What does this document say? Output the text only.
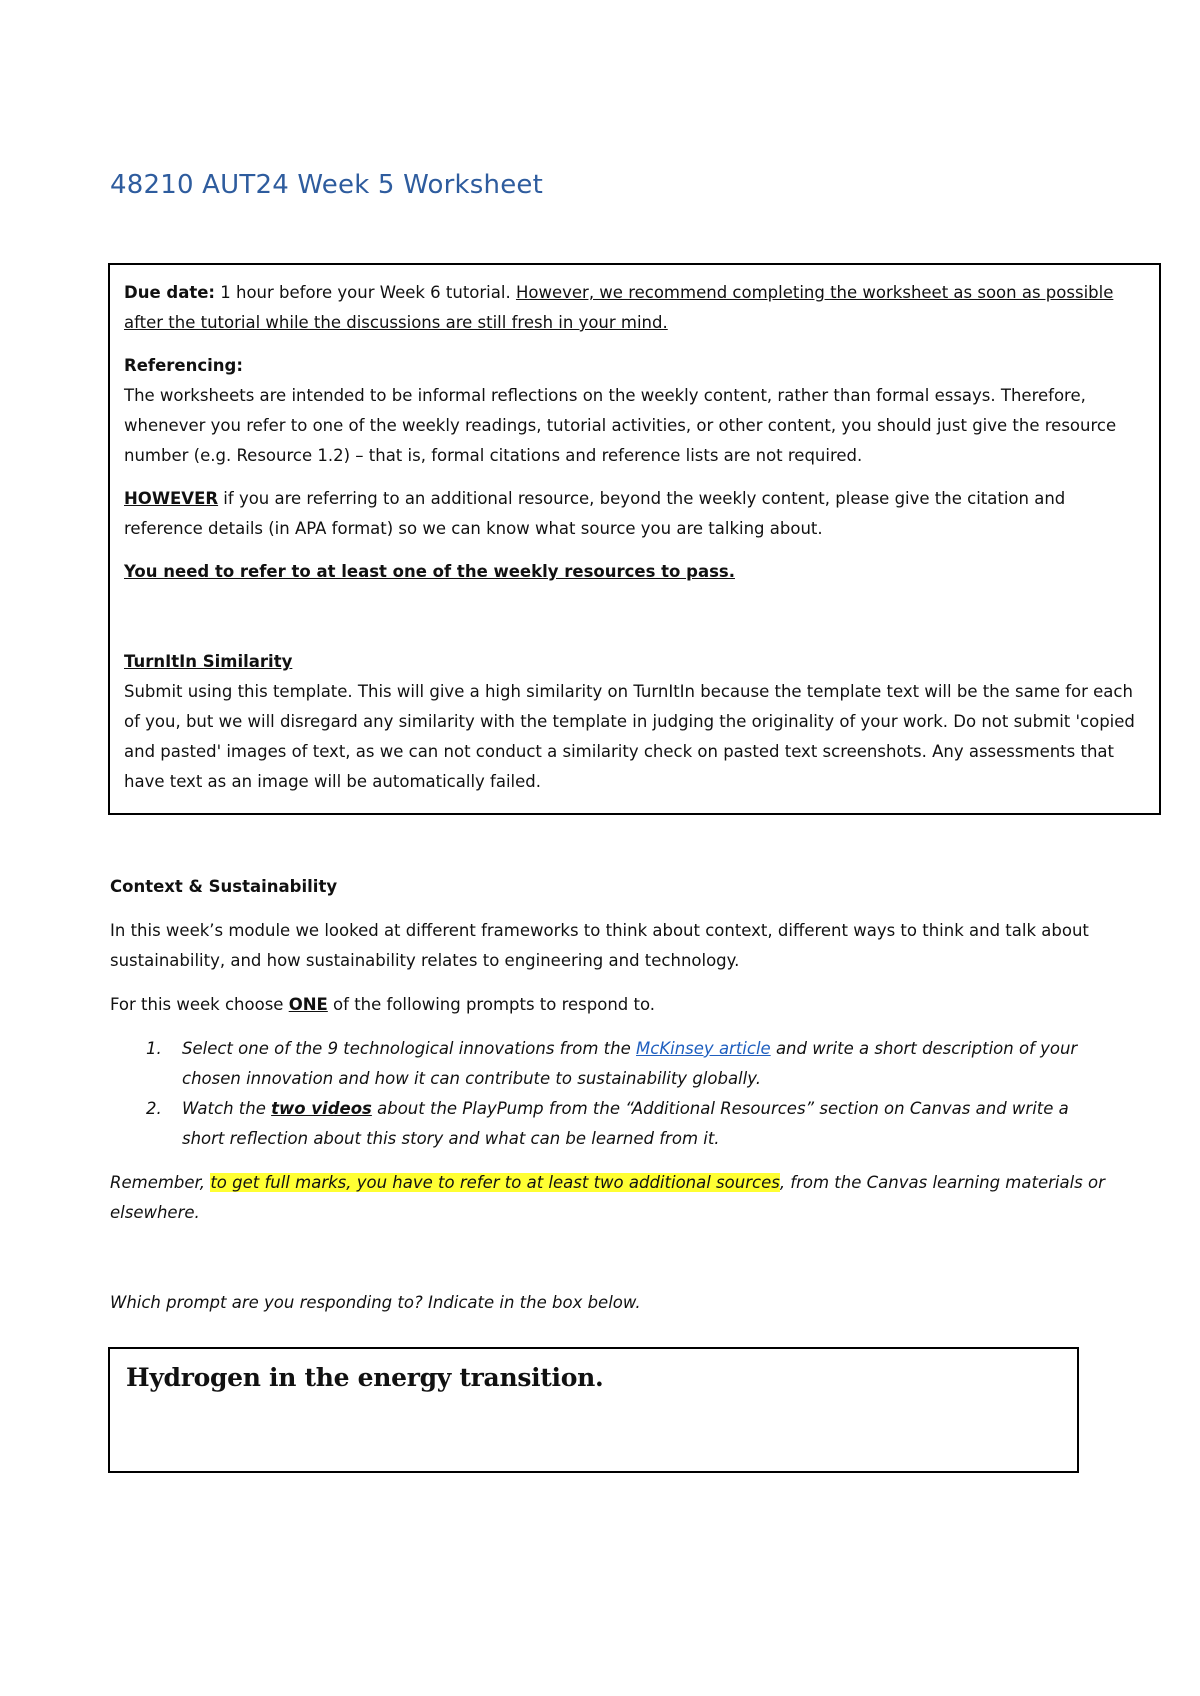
48210 AUT24 Week 5 Worksheet

Due date: 1 hour before your Week 6 tutorial. However, we recommend completing the worksheet as soon as possible after the tutorial while the discussions are still fresh in your mind.

Referencing:

The worksheets are intended to be informal reflections on the weekly content, rather than formal essays. Therefore, whenever you refer to one of the weekly readings, tutorial activities, or other content, you should just give the resource number (e.g. Resource 1.2) – that is, formal citations and reference lists are not required.

HOWEVER if you are referring to an additional resource, beyond the weekly content, please give the citation and reference details (in APA format) so we can know what source you are talking about.

You need to refer to at least one of the weekly resources to pass.

TurnItIn Similarity

Submit using this template. This will give a high similarity on TurnItIn because the template text will be the same for each of you, but we will disregard any similarity with the template in judging the originality of your work. Do not submit 'copied and pasted' images of text, as we can not conduct a similarity check on pasted text screenshots. Any assessments that have text as an image will be automatically failed.

Context & Sustainability

In this week’s module we looked at different frameworks to think about context, different ways to think and talk about sustainability, and how sustainability relates to engineering and technology.

For this week choose ONE of the following prompts to respond to.

1. Select one of the 9 technological innovations from the McKinsey article and write a short description of your chosen innovation and how it can contribute to sustainability globally.
2. Watch the two videos about the PlayPump from the “Additional Resources” section on Canvas and write a short reflection about this story and what can be learned from it.

Remember, to get full marks, you have to refer to at least two additional sources, from the Canvas learning materials or elsewhere.

Which prompt are you responding to? Indicate in the box below.

Hydrogen in the energy transition.
